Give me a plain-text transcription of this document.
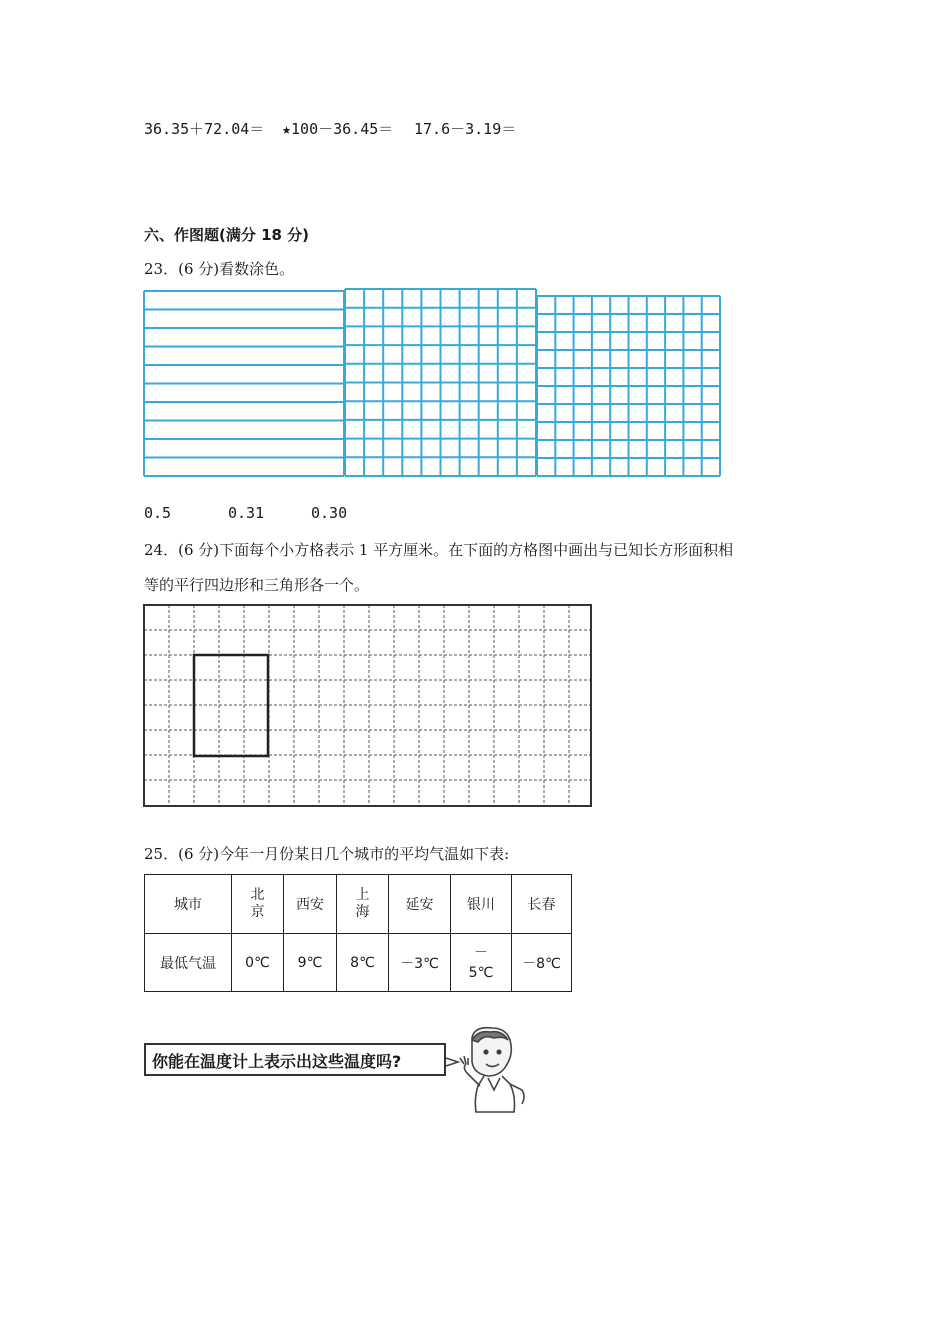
36.35＋72.04＝ ★100－36.45＝ 17.6－3.19＝
六、作图题(满分 18 分)
23．(6 分)看数涂色。
0.5	0.31	0.30
24．(6 分)下面每个小方格表示 1 平方厘米。在下面的方格图中画出与已知长方形面积相
等的平行四边形和三角形各一个。
25．(6 分)今年一月份某日几个城市的平均气温如下表:
城市	北京	西安	上海	延安	银川	长春
最低气温	0℃	9℃	8℃	－3℃	－5℃	－8℃
你能在温度计上表示出这些温度吗?
